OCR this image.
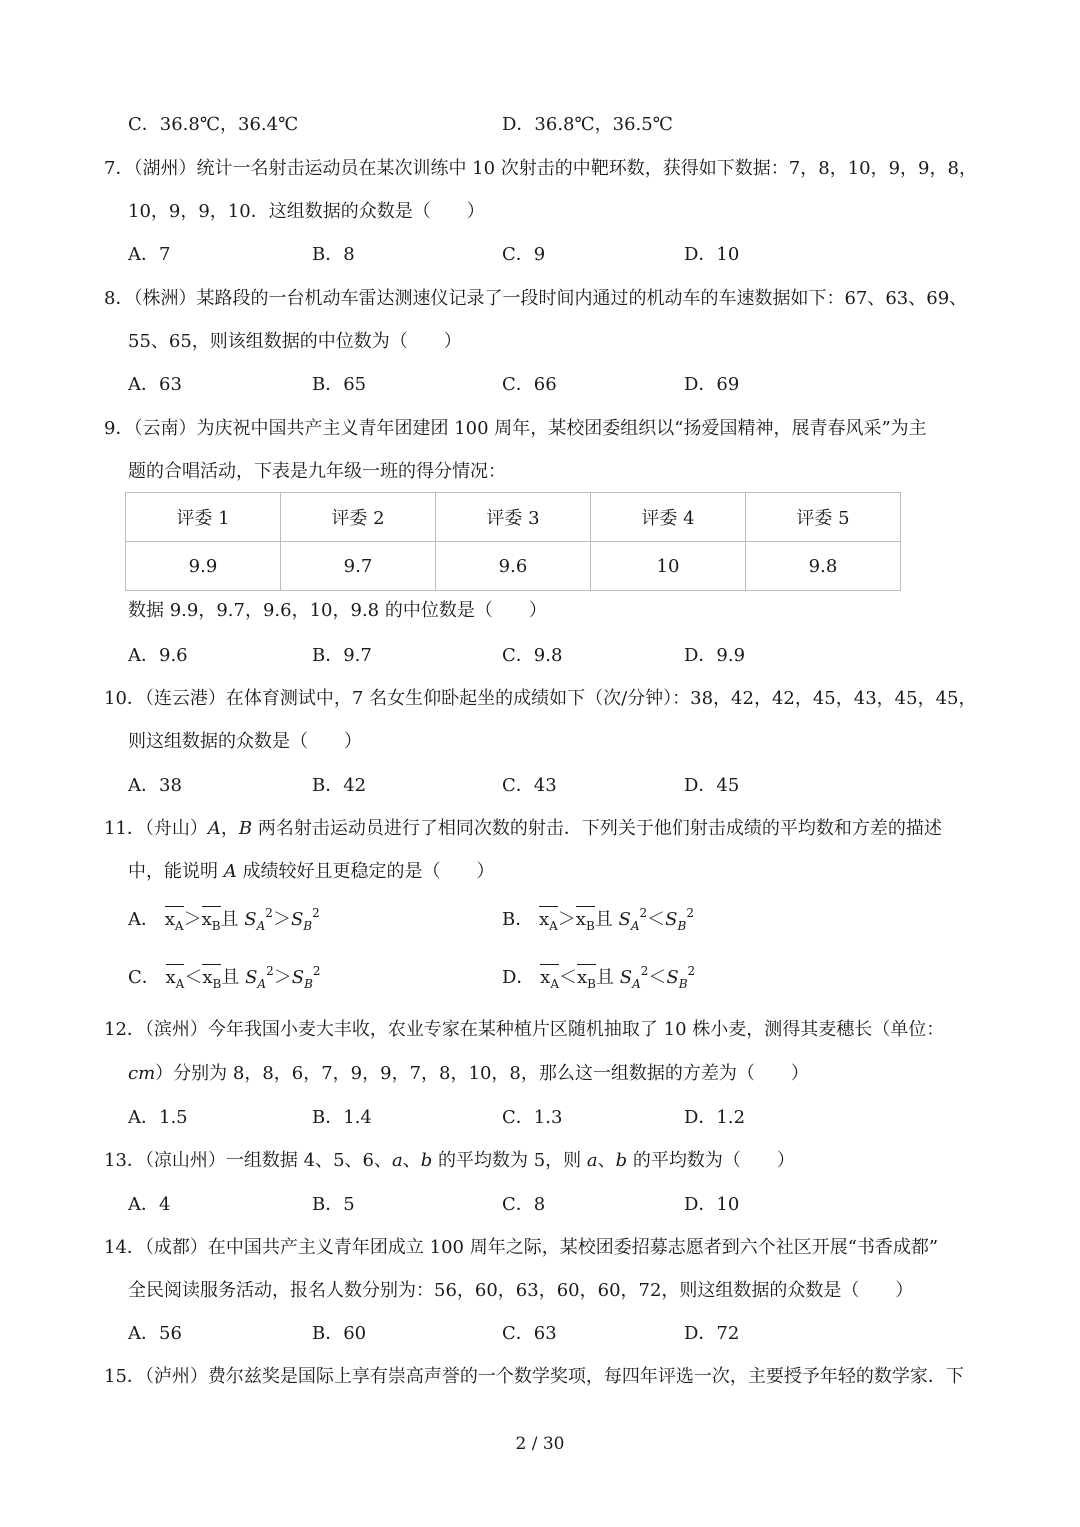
C．36.8℃，36.4℃	D．36.8℃，36.5℃
7．（湖州）统计一名射击运动员在某次训练中 10 次射击的中靶环数，获得如下数据：7，8，10，9，9，8，
10，9，9，10．这组数据的众数是（　　）
A．7	B．8	C．9	D．10
8．（株洲）某路段的一台机动车雷达测速仪记录了一段时间内通过的机动车的车速数据如下：67、63、69、
55、65，则该组数据的中位数为（　　）
A．63	B．65	C．66	D．69
9．（云南）为庆祝中国共产主义青年团建团 100 周年，某校团委组织以“扬爱国精神，展青春风采”为主
题的合唱活动，下表是九年级一班的得分情况：
评委 1	评委 2	评委 3	评委 4	评委 5
9.9	9.7	9.6	10	9.8
数据 9.9，9.7，9.6，10，9.8 的中位数是（　　）
A．9.6	B．9.7	C．9.8	D．9.9
10．（连云港）在体育测试中，7 名女生仰卧起坐的成绩如下（次/分钟）：38，42，42，45，43，45，45，
则这组数据的众数是（　　）
A．38	B．42	C．43	D．45
11．（舟山）A，B 两名射击运动员进行了相同次数的射击．下列关于他们射击成绩的平均数和方差的描述
中，能说明 A 成绩较好且更稳定的是（　　）
A． $x_A>x_B$且 $S_A^2>S_B^2$	B． $x_A>x_B$且 $S_A^2<S_B^2$
C． $x_A<x_B$且 $S_A^2>S_B^2$	D． $x_A<x_B$且 $S_A^2<S_B^2$
12．（滨州）今年我国小麦大丰收，农业专家在某种植片区随机抽取了 10 株小麦，测得其麦穗长（单位：
cm）分别为 8，8，6，7，9，9，7，8，10，8，那么这一组数据的方差为（　　）
A．1.5	B．1.4	C．1.3	D．1.2
13．（凉山州）一组数据 4、5、6、a、b 的平均数为 5，则 a、b 的平均数为（　　）
A．4	B．5	C．8	D．10
14．（成都）在中国共产主义青年团成立 100 周年之际，某校团委招募志愿者到六个社区开展“书香成都”
全民阅读服务活动，报名人数分别为：56，60，63，60，60，72，则这组数据的众数是（　　）
A．56	B．60	C．63	D．72
15．（泸州）费尔兹奖是国际上享有崇高声誉的一个数学奖项，每四年评选一次，主要授予年轻的数学家．下
2 / 30
